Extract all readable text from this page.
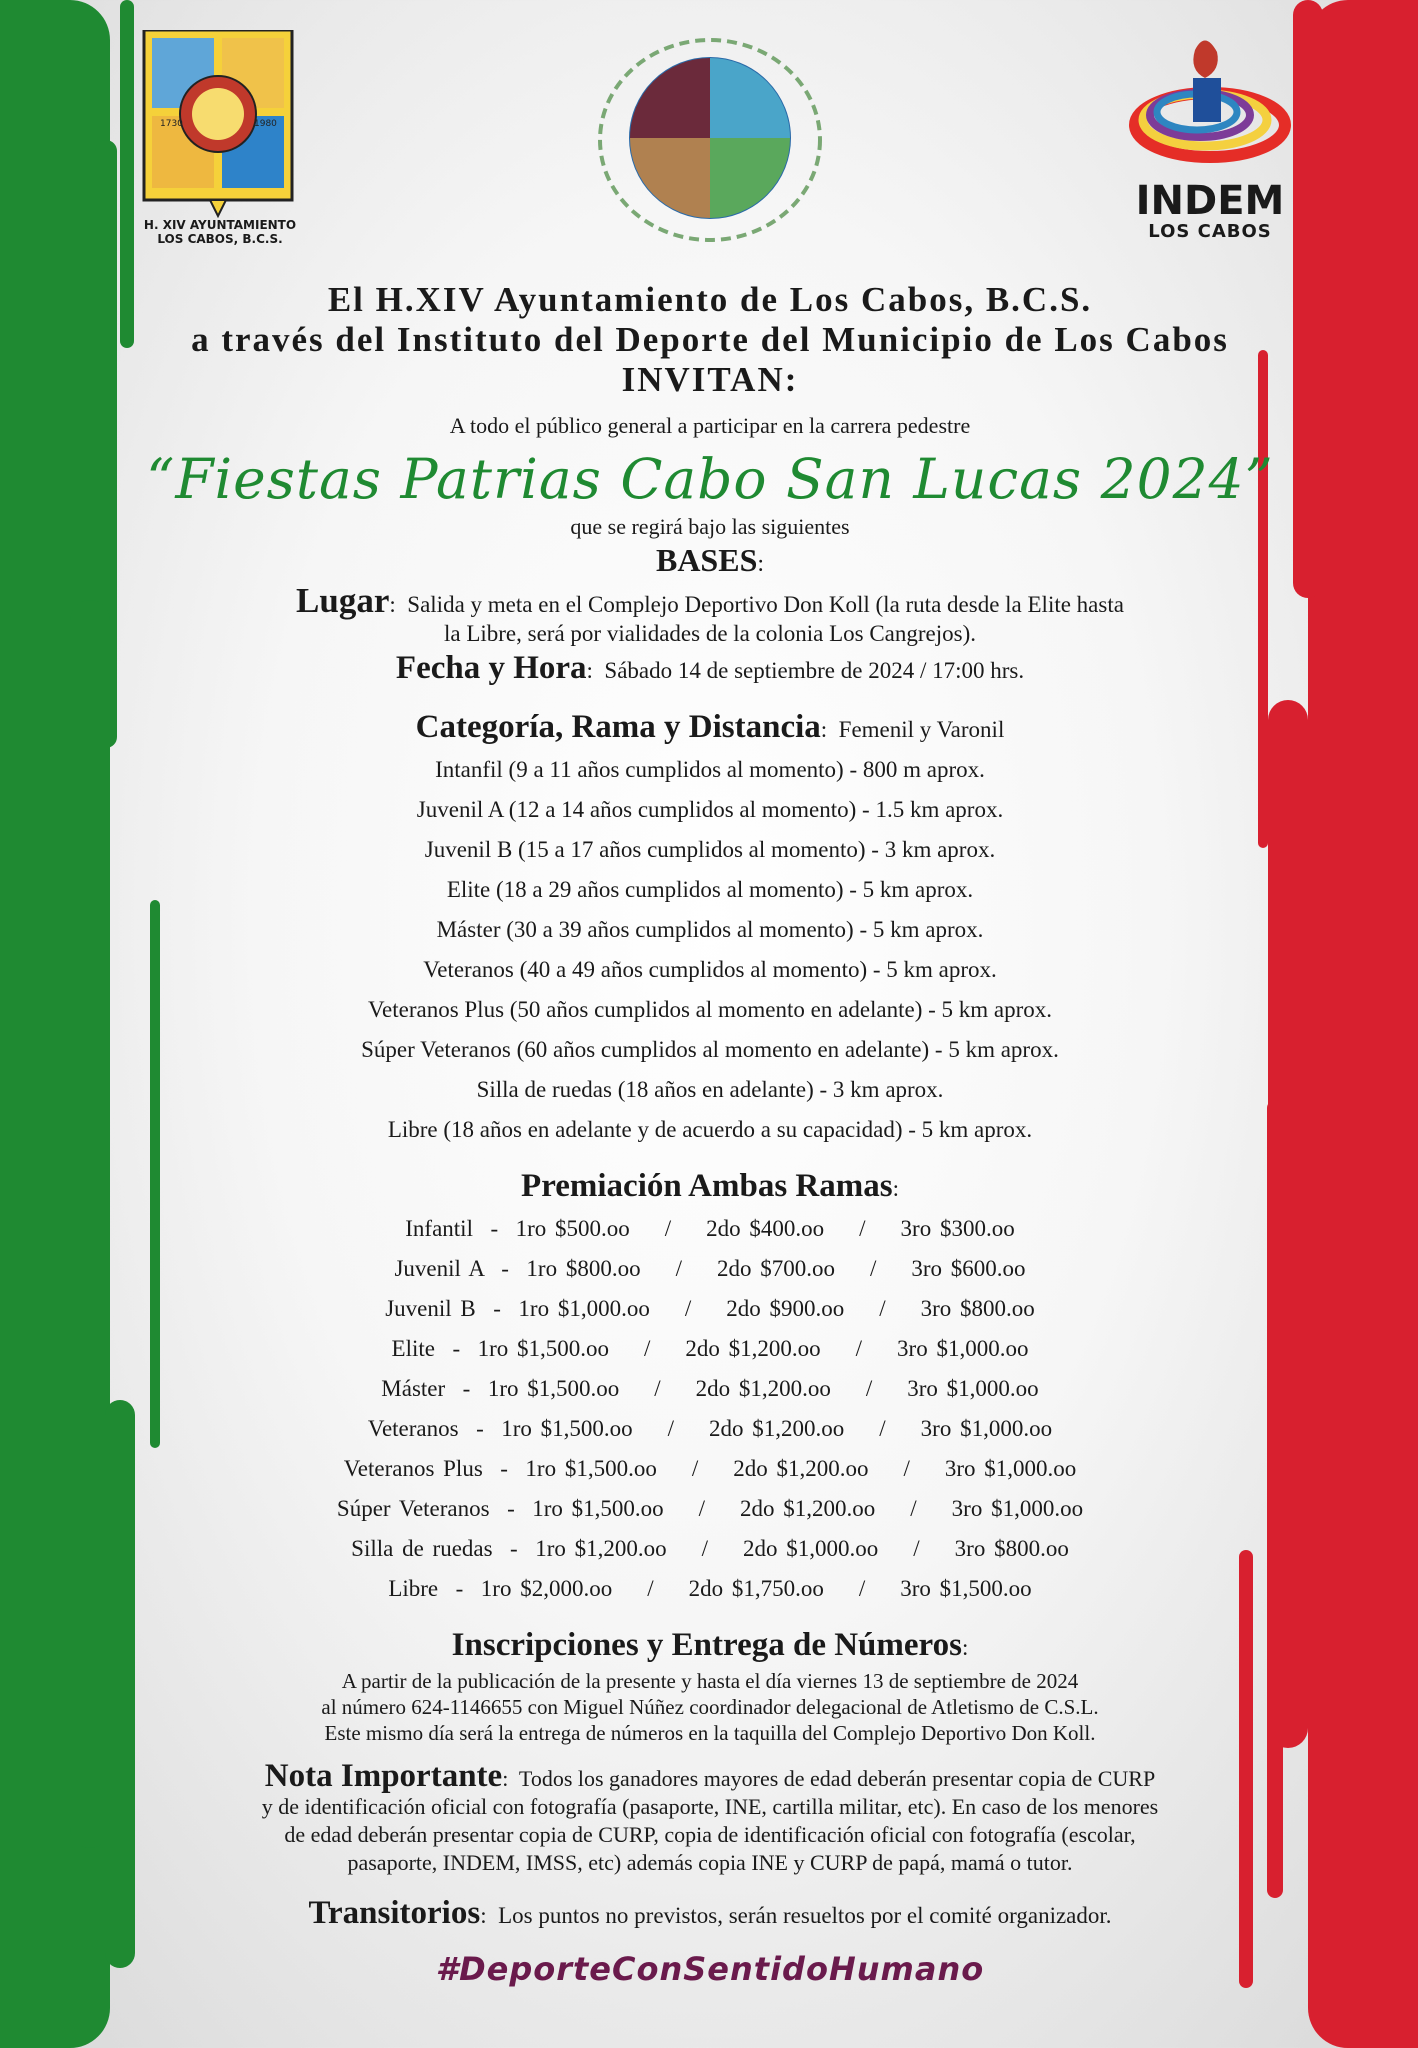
1730	1980
H. XIV AYUNTAMIENTO
LOS CABOS, B.C.S.
INDEM
LOS CABOS
El H.XIV Ayuntamiento de Los Cabos, B.C.S.
a través del Instituto del Deporte del Municipio de Los Cabos
INVITAN:
A todo el público general a participar en la carrera pedestre
“Fiestas Patrias Cabo San Lucas 2024”
que se regirá bajo las siguientes
BASES:
Lugar: Salida y meta en el Complejo Deportivo Don Koll (la ruta desde la Elite hasta
la Libre, será por vialidades de la colonia Los Cangrejos).
Fecha y Hora: Sábado 14 de septiembre de 2024 / 17:00 hrs.
Categoría, Rama y Distancia: Femenil y Varonil
Intanfil (9 a 11 años cumplidos al momento) - 800 m aprox.
Juvenil A (12 a 14 años cumplidos al momento) - 1.5 km aprox.
Juvenil B (15 a 17 años cumplidos al momento) - 3 km aprox.
Elite (18 a 29 años cumplidos al momento) - 5 km aprox.
Máster (30 a 39 años cumplidos al momento) - 5 km aprox.
Veteranos (40 a 49 años cumplidos al momento) - 5 km aprox.
Veteranos Plus (50 años cumplidos al momento en adelante) - 5 km aprox.
Súper Veteranos (60 años cumplidos al momento en adelante) - 5 km aprox.
Silla de ruedas (18 años en adelante) - 3 km aprox.
Libre (18 años en adelante y de acuerdo a su capacidad) - 5 km aprox.
Premiación Ambas Ramas:
Infantil  -  1ro $500.oo    /    2do $400.oo    /    3ro $300.oo
Juvenil A  -  1ro $800.oo    /    2do $700.oo    /    3ro $600.oo
Juvenil B  -  1ro $1,000.oo    /    2do $900.oo    /    3ro $800.oo
Elite  -  1ro $1,500.oo    /    2do $1,200.oo    /    3ro $1,000.oo
Máster  -  1ro $1,500.oo    /    2do $1,200.oo    /    3ro $1,000.oo
Veteranos  -  1ro $1,500.oo    /    2do $1,200.oo    /    3ro $1,000.oo
Veteranos Plus  -  1ro $1,500.oo    /    2do $1,200.oo    /    3ro $1,000.oo
Súper Veteranos  -  1ro $1,500.oo    /    2do $1,200.oo    /    3ro $1,000.oo
Silla de ruedas  -  1ro $1,200.oo    /    2do $1,000.oo    /    3ro $800.oo
Libre  -  1ro $2,000.oo    /    2do $1,750.oo    /    3ro $1,500.oo
Inscripciones y Entrega de Números:
A partir de la publicación de la presente y hasta el día viernes 13 de septiembre de 2024
al número 624-1146655 con Miguel Núñez coordinador delegacional de Atletismo de C.S.L.
Este mismo día será la entrega de números en la taquilla del Complejo Deportivo Don Koll.
Nota Importante: Todos los ganadores mayores de edad deberán presentar copia de CURP
y de identificación oficial con fotografía (pasaporte, INE, cartilla militar, etc). En caso de los menores
de edad deberán presentar copia de CURP, copia de identificación oficial con fotografía (escolar,
pasaporte, INDEM, IMSS, etc) además copia INE y CURP de papá, mamá o tutor.
Transitorios: Los puntos no previstos, serán resueltos por el comité organizador.
#DeporteConSentidoHumano
